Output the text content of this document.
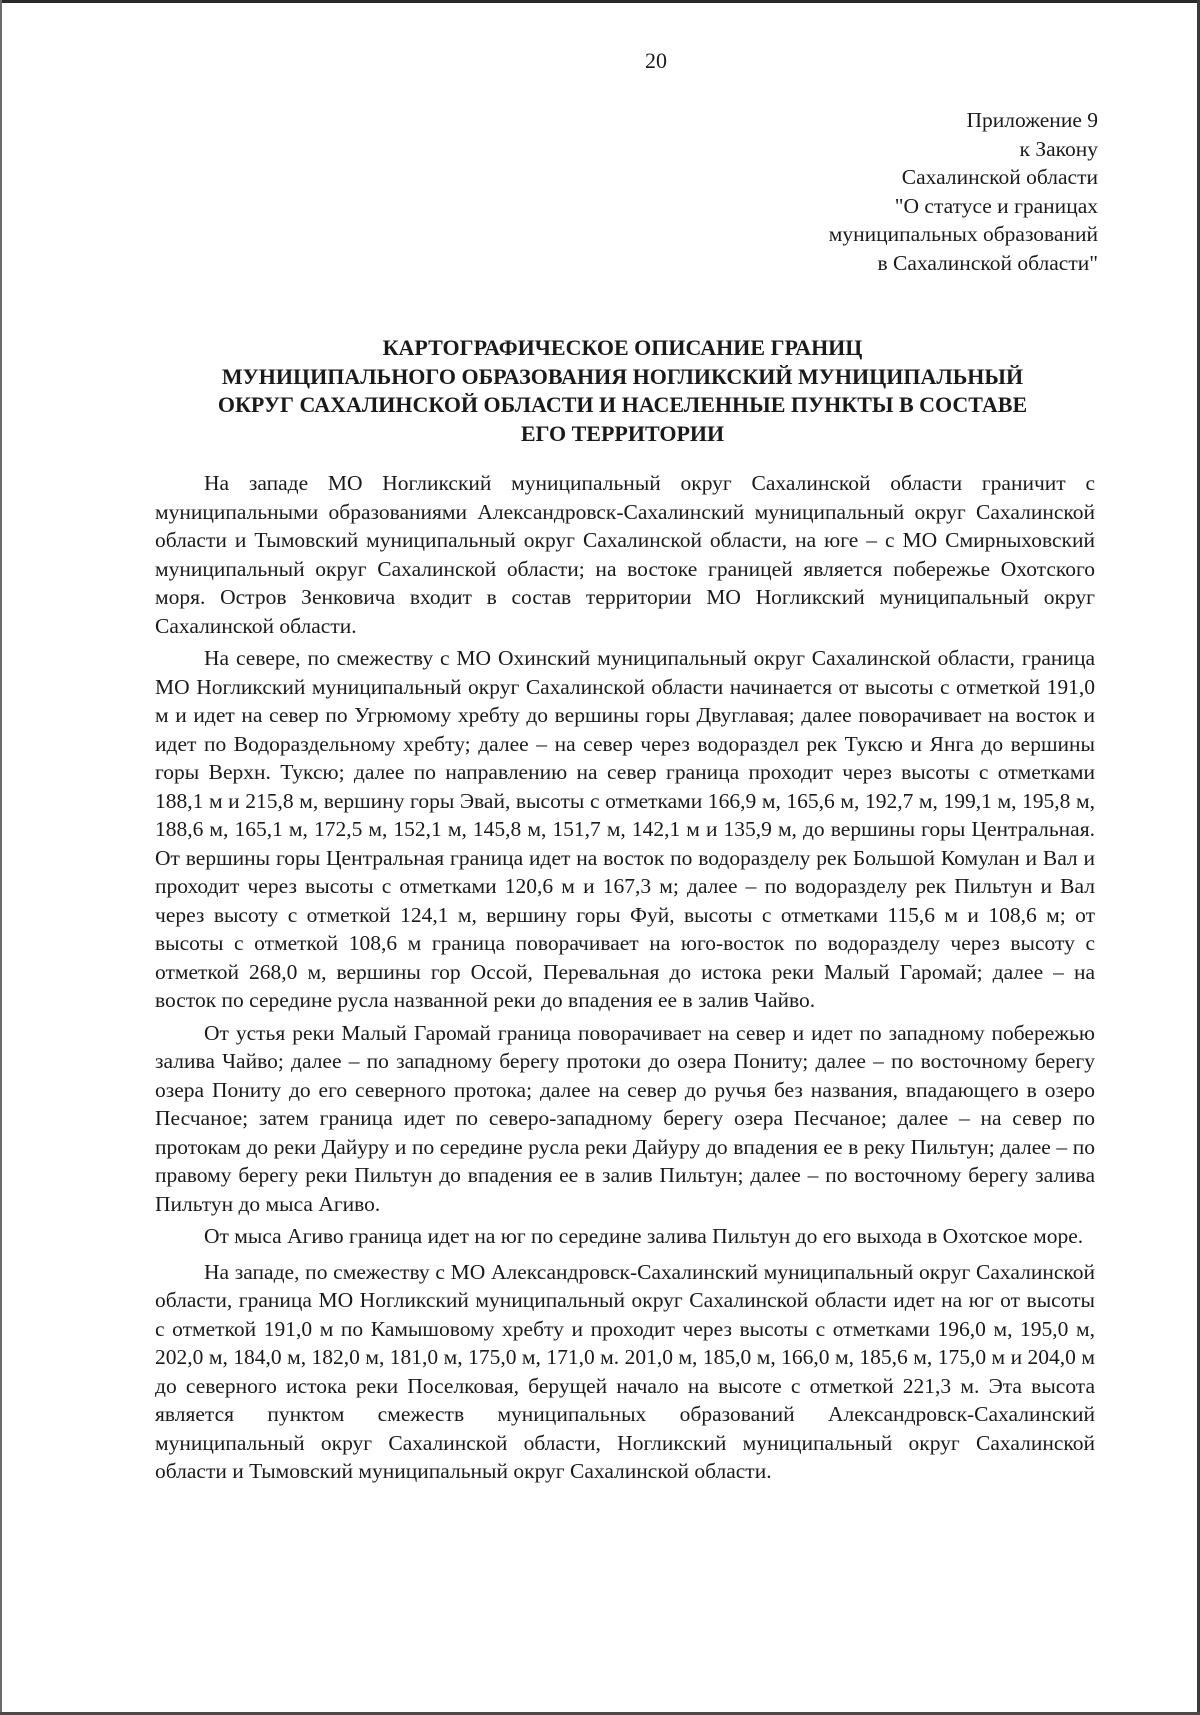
20
Приложение 9
к Закону
Сахалинской области
"О статусе и границах
муниципальных образований
в Сахалинской области"
КАРТОГРАФИЧЕСКОЕ ОПИСАНИЕ ГРАНИЦ
МУНИЦИПАЛЬНОГО ОБРАЗОВАНИЯ НОГЛИКСКИЙ МУНИЦИПАЛЬНЫЙ
ОКРУГ САХАЛИНСКОЙ ОБЛАСТИ И НАСЕЛЕННЫЕ ПУНКТЫ В СОСТАВЕ
ЕГО ТЕРРИТОРИИ

На западе МО Ногликский муниципальный округ Сахалинской области граничит с муниципальными образованиями Александровск-Сахалинский муниципальный округ Сахалинской области и Тымовский муниципальный округ Сахалинской области, на юге – с МО Смирныховский муниципальный округ Сахалинской области; на востоке границей является побережье Охотского моря. Остров Зенковича входит в состав территории МО Ногликский муниципальный округ Сахалинской области.

На севере, по смежеству с МО Охинский муниципальный округ Сахалинской области, граница МО Ногликский муниципальный округ Сахалинской области начинается от высоты с отметкой 191,0 м и идет на север по Угрюмому хребту до вершины горы Двуглавая; далее поворачивает на восток и идет по Водораздельному хребту; далее – на север через водораздел рек Туксю и Янга до вершины горы Верхн. Туксю; далее по направлению на север граница проходит через высоты с отметками 188,1 м и 215,8 м, вершину горы Эвай, высоты с отметками 166,9 м, 165,6 м, 192,7 м, 199,1 м, 195,8 м, 188,6 м, 165,1 м, 172,5 м, 152,1 м, 145,8 м, 151,7 м, 142,1 м и 135,9 м, до вершины горы Центральная. От вершины горы Центральная граница идет на восток по водоразделу рек Большой Комулан и Вал и проходит через высоты с отметками 120,6 м и 167,3 м; далее – по водоразделу рек Пильтун и Вал через высоту с отметкой 124,1 м, вершину горы Фуй, высоты с отметками 115,6 м и 108,6 м; от высоты с отметкой 108,6 м граница поворачивает на юго-восток по водоразделу через высоту с отметкой 268,0 м, вершины гор Оссой, Перевальная до истока реки Малый Гаромай; далее – на восток по середине русла названной реки до впадения ее в залив Чайво.

От устья реки Малый Гаромай граница поворачивает на север и идет по западному побережью залива Чайво; далее – по западному берегу протоки до озера Пониту; далее – по восточному берегу озера Пониту до его северного протока; далее на север до ручья без названия, впадающего в озеро Песчаное; затем граница идет по северо-западному берегу озера Песчаное; далее – на север по протокам до реки Дайуру и по середине русла реки Дайуру до впадения ее в реку Пильтун; далее – по правому берегу реки Пильтун до впадения ее в залив Пильтун; далее – по восточному берегу залива Пильтун до мыса Агиво.

От мыса Агиво граница идет на юг по середине залива Пильтун до его выхода в Охотское море.

На западе, по смежеству с МО Александровск-Сахалинский муниципальный округ Сахалинской области, граница МО Ногликский муниципальный округ Сахалинской области идет на юг от высоты с отметкой 191,0 м по Камышовому хребту и проходит через высоты с отметками 196,0 м, 195,0 м, 202,0 м, 184,0 м, 182,0 м, 181,0 м, 175,0 м, 171,0 м. 201,0 м, 185,0 м, 166,0 м, 185,6 м, 175,0 м и 204,0 м до северного истока реки Поселковая, берущей начало на высоте с отметкой 221,3 м. Эта высота является пунктом смежеств муниципальных образований Александровск-Сахалинский муниципальный округ Сахалинской области, Ногликский муниципальный округ Сахалинской области и Тымовский муниципальный округ Сахалинской области.
